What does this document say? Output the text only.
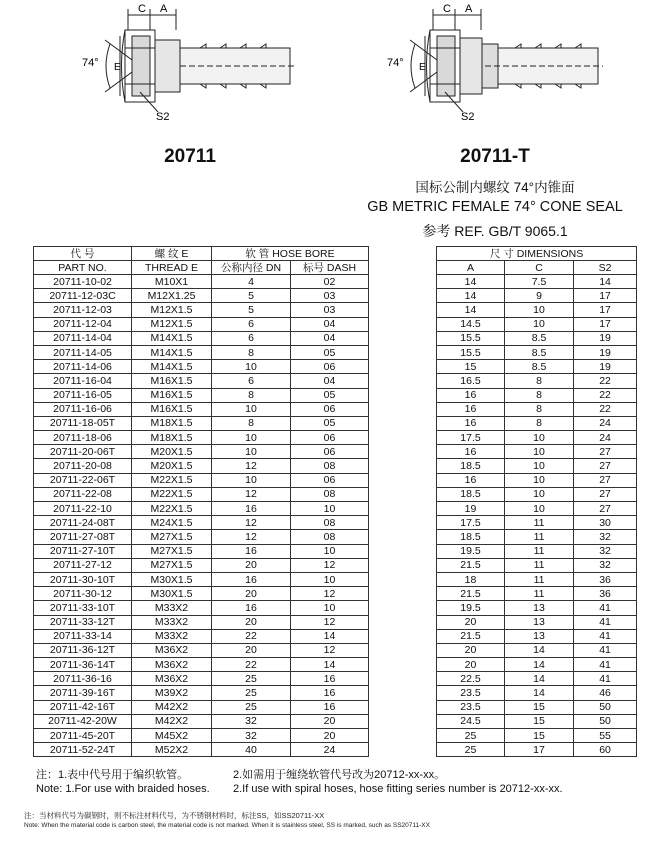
C A
E
74°
S2
C A
E
74°
S2
20711	20711-T
国标公制内螺纹 74°内锥面
GB METRIC FEMALE 74° CONE SEAL
参考 REF. GB/T 9065.1
代 号	螺 纹 E	软 管 HOSE BORE			尺 寸 DIMENSIONS		
PART NO.	THREAD E	公称内径 DN	标号 DASH		A	C	S2
20711-10-02	M10X1	4	02		14	7.5	14
20711-12-03C	M12X1.25	5	03		14	9	17
20711-12-03	M12X1.5	5	03		14	10	17
20711-12-04	M12X1.5	6	04		14.5	10	17
20711-14-04	M14X1.5	6	04		15.5	8.5	19
20711-14-05	M14X1.5	8	05		15.5	8.5	19
20711-14-06	M14X1.5	10	06		15	8.5	19
20711-16-04	M16X1.5	6	04		16.5	8	22
20711-16-05	M16X1.5	8	05		16	8	22
20711-16-06	M16X1.5	10	06		16	8	22
20711-18-05T	M18X1.5	8	05		16	8	24
20711-18-06	M18X1.5	10	06		17.5	10	24
20711-20-06T	M20X1.5	10	06		16	10	27
20711-20-08	M20X1.5	12	08		18.5	10	27
20711-22-06T	M22X1.5	10	06		16	10	27
20711-22-08	M22X1.5	12	08		18.5	10	27
20711-22-10	M22X1.5	16	10		19	10	27
20711-24-08T	M24X1.5	12	08		17.5	11	30
20711-27-08T	M27X1.5	12	08		18.5	11	32
20711-27-10T	M27X1.5	16	10		19.5	11	32
20711-27-12	M27X1.5	20	12		21.5	11	32
20711-30-10T	M30X1.5	16	10		18	11	36
20711-30-12	M30X1.5	20	12		21.5	11	36
20711-33-10T	M33X2	16	10		19.5	13	41
20711-33-12T	M33X2	20	12		20	13	41
20711-33-14	M33X2	22	14		21.5	13	41
20711-36-12T	M36X2	20	12		20	14	41
20711-36-14T	M36X2	22	14		20	14	41
20711-36-16	M36X2	25	16		22.5	14	41
20711-39-16T	M39X2	25	16		23.5	14	46
20711-42-16T	M42X2	25	16		23.5	15	50
20711-42-20W	M42X2	32	20		24.5	15	50
20711-45-20T	M45X2	32	20		25	15	55
20711-52-24T	M52X2	40	24		25	17	60
注：1.表中代号用于编织软管。	2.如需用于缠绕软管代号改为20712-xx-xx。
Note: 1.For use with braided hoses.	2.If use with spiral hoses, hose fitting series number is 20712-xx-xx.
注：当材料代号为碳钢时，则不标注材料代号，为不锈钢材料时，标注SS，如SS20711-XX
Note: When the material code is carbon steel, the material code is not marked. When it is stainless steel, SS is marked, such as SS20711-XX
